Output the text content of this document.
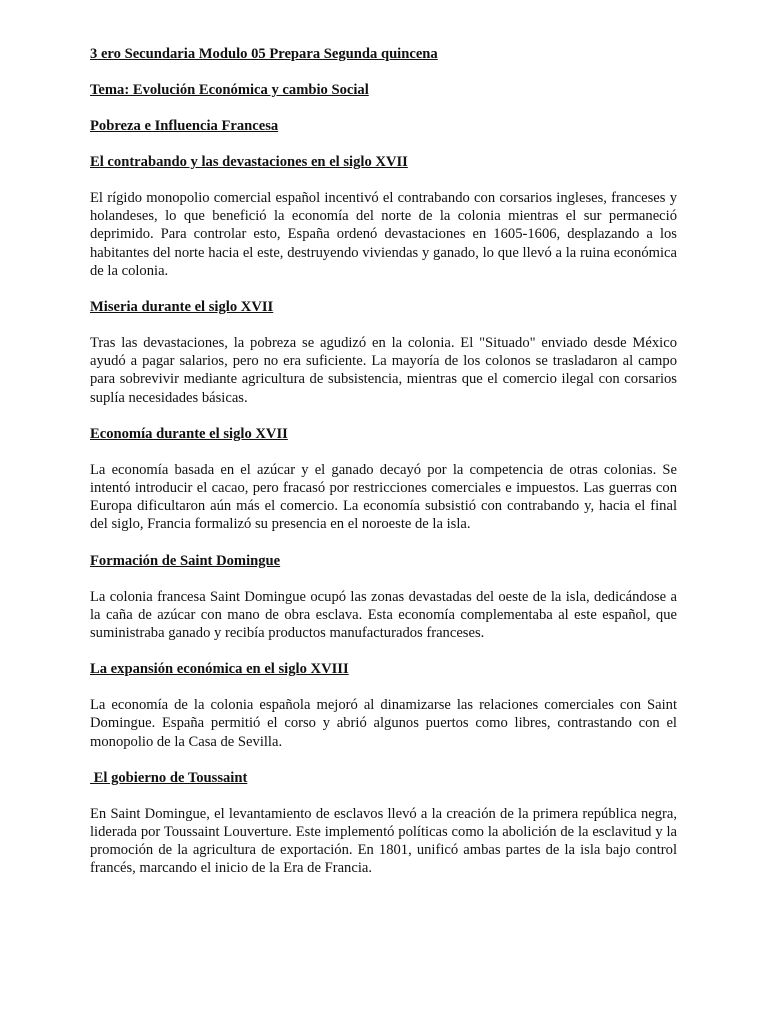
3 ero Secundaria Modulo 05 Prepara Segunda quincena

Tema: Evolución Económica y cambio Social

Pobreza e Influencia Francesa

El contrabando y las devastaciones en el siglo XVII

El rígido monopolio comercial español incentivó el contrabando con corsarios ingleses, franceses y holandeses, lo que benefició la economía del norte de la colonia mientras el sur permaneció deprimido. Para controlar esto, España ordenó devastaciones en 1605-1606, desplazando a los habitantes del norte hacia el este, destruyendo viviendas y ganado, lo que llevó a la ruina económica de la colonia.

Miseria durante el siglo XVII

Tras las devastaciones, la pobreza se agudizó en la colonia. El "Situado" enviado desde México ayudó a pagar salarios, pero no era suficiente. La mayoría de los colonos se trasladaron al campo para sobrevivir mediante agricultura de subsistencia, mientras que el comercio ilegal con corsarios suplía necesidades básicas.

Economía durante el siglo XVII

La economía basada en el azúcar y el ganado decayó por la competencia de otras colonias. Se intentó introducir el cacao, pero fracasó por restricciones comerciales e impuestos. Las guerras con Europa dificultaron aún más el comercio. La economía subsistió con contrabando y, hacia el final del siglo, Francia formalizó su presencia en el noroeste de la isla.

Formación de Saint Domingue

La colonia francesa Saint Domingue ocupó las zonas devastadas del oeste de la isla, dedicándose a la caña de azúcar con mano de obra esclava. Esta economía complementaba al este español, que suministraba ganado y recibía productos manufacturados franceses.

La expansión económica en el siglo XVIII

La economía de la colonia española mejoró al dinamizarse las relaciones comerciales con Saint Domingue. España permitió el corso y abrió algunos puertos como libres, contrastando con el monopolio de la Casa de Sevilla.

El gobierno de Toussaint

En Saint Domingue, el levantamiento de esclavos llevó a la creación de la primera república negra, liderada por Toussaint Louverture. Este implementó políticas como la abolición de la esclavitud y la promoción de la agricultura de exportación. En 1801, unificó ambas partes de la isla bajo control francés, marcando el inicio de la Era de Francia.
